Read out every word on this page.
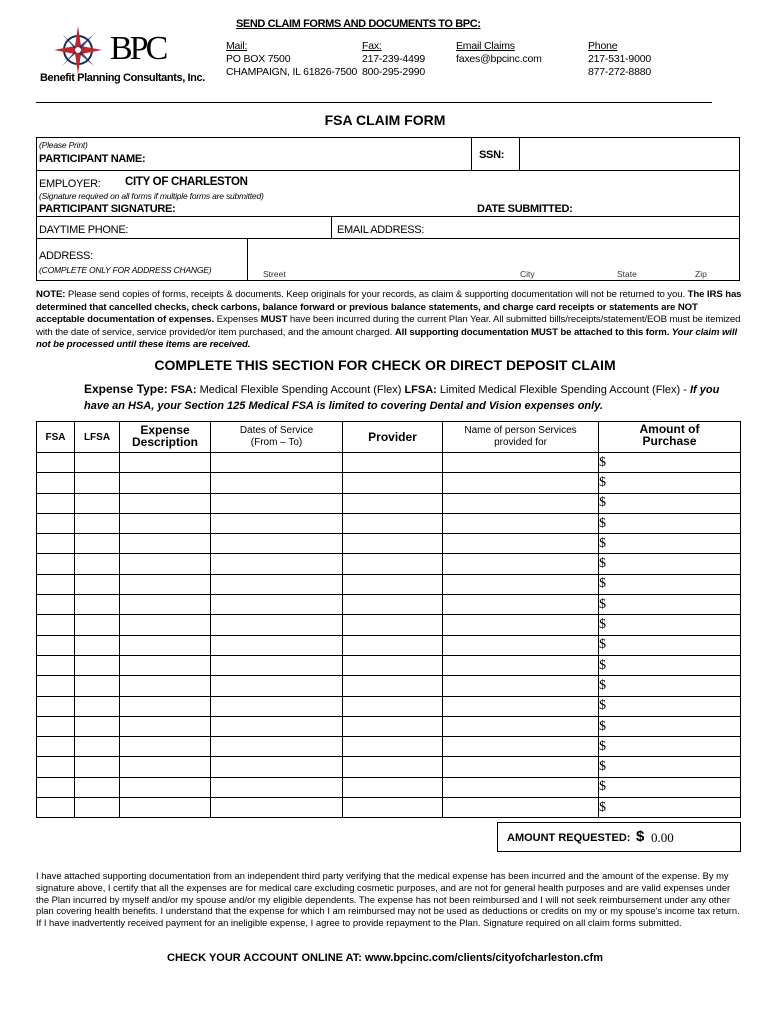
BPC
Benefit Planning Consultants, Inc.
SEND CLAIM FORMS AND DOCUMENTS TO BPC:
Mail:
PO BOX 7500
CHAMPAIGN, IL 61826-7500
Fax:
217-239-4499
800-295-2990
Email Claims
faxes@bpcinc.com
Phone
217-531-9000
877-272-8880
FSA CLAIM FORM
(Please Print)
PARTICIPANT NAME:	SSN:
EMPLOYER: CITY OF CHARLESTON
(Signature required on all forms if multiple forms are submitted)
PARTICIPANT SIGNATURE:	DATE SUBMITTED:
DAYTIME PHONE:	EMAIL ADDRESS:
ADDRESS:
(COMPLETE ONLY FOR ADDRESS CHANGE)	Street	City	State	Zip
NOTE: Please send copies of forms, receipts & documents. Keep originals for your records, as claim & supporting documentation will not be returned to you. The IRS has determined that cancelled checks, check carbons, balance forward or previous balance statements, and charge card receipts or statements are NOT acceptable documentation of expenses. Expenses MUST have been incurred during the current Plan Year. All submitted bills/receipts/statement/EOB must be itemized with the date of service, service provided/or item purchased, and the amount charged. All supporting documentation MUST be attached to this form. Your claim will not be processed until these items are received.
COMPLETE THIS SECTION FOR CHECK OR DIRECT DEPOSIT CLAIM
Expense Type: FSA: Medical Flexible Spending Account (Flex) LFSA: Limited Medical Flexible Spending Account (Flex) - If you have an HSA, your Section 125 Medical FSA is limited to covering Dental and Vision expenses only.
FSA	LFSA	Expense Description	Dates of Service (From – To)	Provider	Name of person Services provided for	Amount of Purchase
						$
						$
						$
						$
						$
						$
						$
						$
						$
						$
						$
						$
						$
						$
						$
						$
						$
						$
AMOUNT REQUESTED: $ 0.00
I have attached supporting documentation from an independent third party verifying that the medical expense has been incurred and the amount of the expense. By my signature above, I certify that all the expenses are for medical care excluding cosmetic purposes, and are not for general health purposes and are valid expenses under the Plan incurred by myself and/or my spouse and/or my eligible dependents. The expense has not been reimbursed and I will not seek reimbursement under any other plan covering health benefits. I understand that the expense for which I am reimbursed may not be used as deductions or credits on my or my spouse's income tax return. If I have inadvertently received payment for an ineligible expense, I agree to provide repayment to the Plan. Signature required on all claim forms submitted.
CHECK YOUR ACCOUNT ONLINE AT: www.bpcinc.com/clients/cityofcharleston.cfm
